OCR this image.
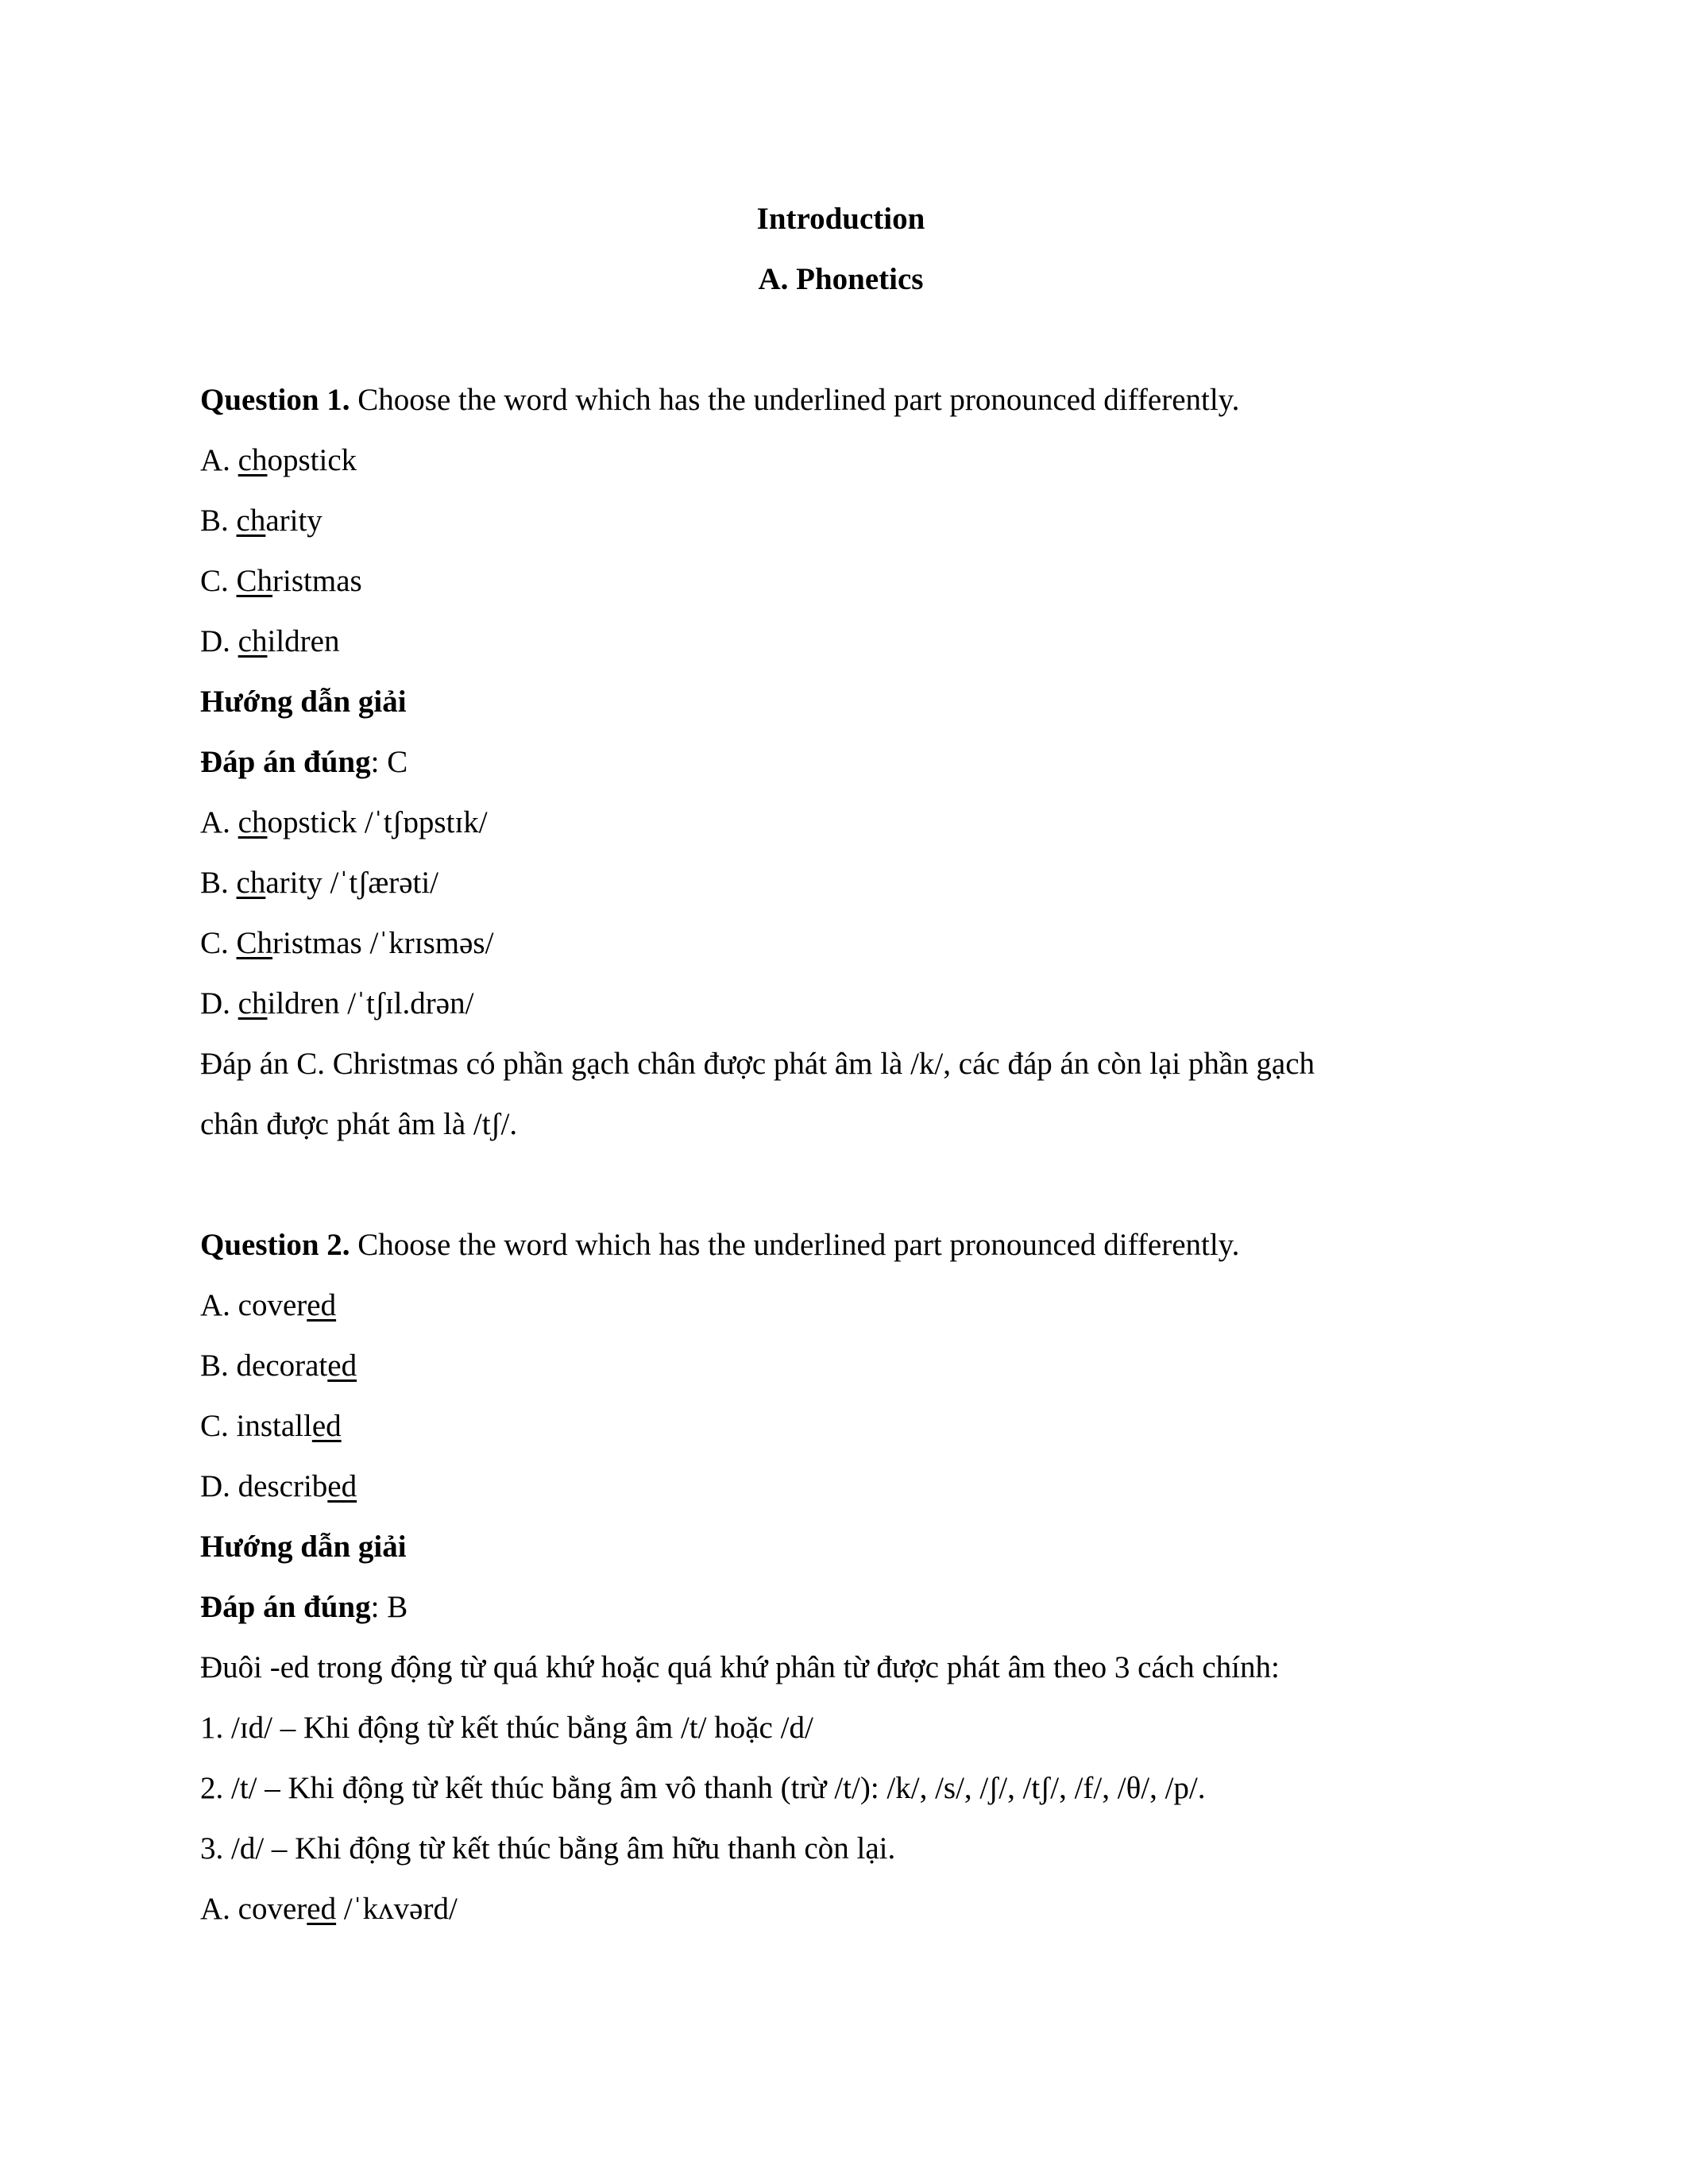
Introduction
A. Phonetics
Question 1. Choose the word which has the underlined part pronounced differently.
A. chopstick
B. charity
C. Christmas
D. children
Hướng dẫn giải
Đáp án đúng: C
A. chopstick /ˈtʃɒpstɪk/
B. charity /ˈtʃærəti/
C. Christmas /ˈkrɪsməs/
D. children /ˈtʃɪl.drən/
Đáp án C. Christmas có phần gạch chân được phát âm là /k/, các đáp án còn lại phần gạch
chân được phát âm là /tʃ/.
Question 2. Choose the word which has the underlined part pronounced differently.
A. covered
B. decorated
C. installed
D. described
Hướng dẫn giải
Đáp án đúng: B
Đuôi -ed trong động từ quá khứ hoặc quá khứ phân từ được phát âm theo 3 cách chính:
1. /ɪd/ – Khi động từ kết thúc bằng âm /t/ hoặc /d/
2. /t/ – Khi động từ kết thúc bằng âm vô thanh (trừ /t/): /k/, /s/, /ʃ/, /tʃ/, /f/, /θ/, /p/.
3. /d/ – Khi động từ kết thúc bằng âm hữu thanh còn lại.
A. covered /ˈkʌvərd/
